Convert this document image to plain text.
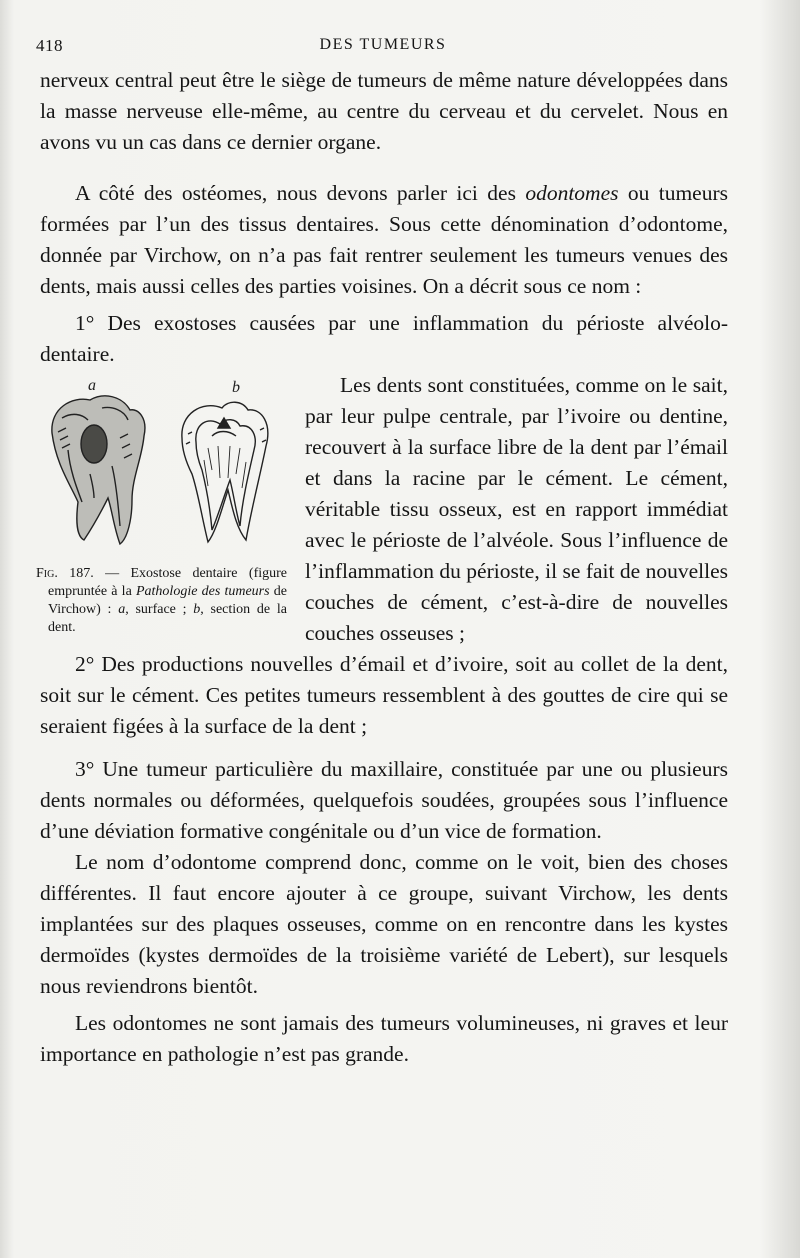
418	DES TUMEURS

nerveux central peut être le siège de tumeurs de même nature développées dans la masse nerveuse elle-même, au centre du cerveau et du cervelet. Nous en avons vu un cas dans ce dernier organe.

A côté des ostéomes, nous devons parler ici des odontomes ou tumeurs formées par l’un des tissus dentaires. Sous cette dénomination d’odontome, donnée par Virchow, on n’a pas fait rentrer seulement les tumeurs venues des dents, mais aussi celles des parties voisines. On a décrit sous ce nom :

1° Des exostoses causées par une inflammation du périoste alvéolo-dentaire.

a	b
Fig. 187. — Exostose dentaire (figure empruntée à la Pathologie des tumeurs de Virchow) : a, surface ; b, section de la dent.

Les dents sont constituées, comme on le sait, par leur pulpe centrale, par l’ivoire ou dentine, recouvert à la surface libre de la dent par l’émail et dans la racine par le cément. Le cément, véritable tissu osseux, est en rapport immédiat avec le périoste de l’alvéole. Sous l’influence de l’inflammation du périoste, il se fait de nouvelles couches de cément, c’est-à-dire de nouvelles couches osseuses ;

2° Des productions nouvelles d’émail et d’ivoire, soit au collet de la dent, soit sur le cément. Ces petites tumeurs ressemblent à des gouttes de cire qui se seraient figées à la surface de la dent ;

3° Une tumeur particulière du maxillaire, constituée par une ou plusieurs dents normales ou déformées, quelquefois soudées, groupées sous l’influence d’une déviation formative congénitale ou d’un vice de formation.

Le nom d’odontome comprend donc, comme on le voit, bien des choses différentes. Il faut encore ajouter à ce groupe, suivant Virchow, les dents implantées sur des plaques osseuses, comme on en rencontre dans les kystes dermoïdes (kystes dermoïdes de la troisième variété de Lebert), sur lesquels nous reviendrons bientôt.

Les odontomes ne sont jamais des tumeurs volumineuses, ni graves et leur importance en pathologie n’est pas grande.
